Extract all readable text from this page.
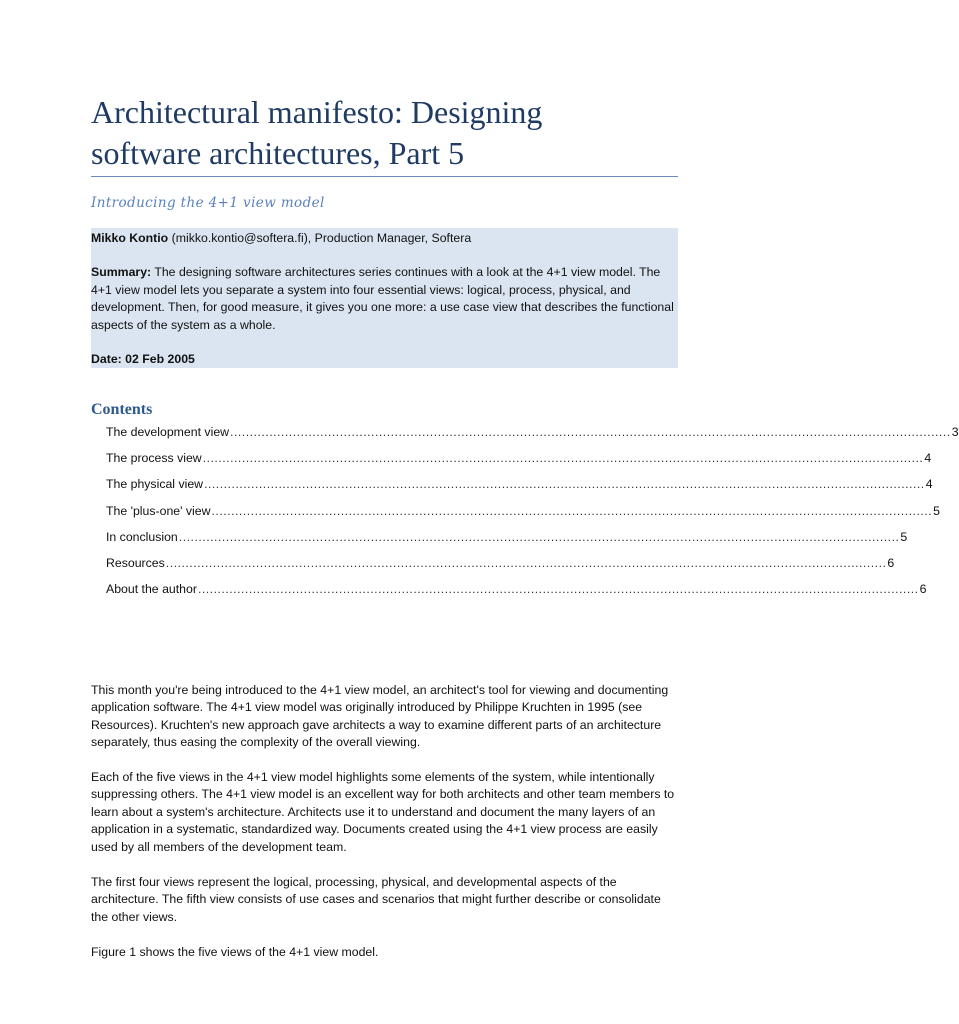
Architectural manifesto: Designing
software architectures, Part 5
Introducing the 4+1 view model
Mikko Kontio (mikko.kontio@softera.fi), Production Manager, Softera
Summary: The designing software architectures series continues with a look at the 4+1 view model. The 4+1 view model lets you separate a system into four essential views: logical, process, physical, and development. Then, for good measure, it gives you one more: a use case view that describes the functional aspects of the system as a whole.
Date: 02 Feb 2005
Contents
The development view ........................................................................................................................................................................................ 3
The process view ........................................................................................................................................................................................ 4
The physical view ........................................................................................................................................................................................ 4
The 'plus-one' view ........................................................................................................................................................................................ 5
In conclusion ........................................................................................................................................................................................ 5
Resources ........................................................................................................................................................................................ 6
About the author ........................................................................................................................................................................................ 6

This month you're being introduced to the 4+1 view model, an architect's tool for viewing and documenting application software. The 4+1 view model was originally introduced by Philippe Kruchten in 1995 (see Resources). Kruchten's new approach gave architects a way to examine different parts of an architecture separately, thus easing the complexity of the overall viewing.

Each of the five views in the 4+1 view model highlights some elements of the system, while intentionally suppressing others. The 4+1 view model is an excellent way for both architects and other team members to learn about a system's architecture. Architects use it to understand and document the many layers of an application in a systematic, standardized way. Documents created using the 4+1 view process are easily used by all members of the development team.

The first four views represent the logical, processing, physical, and developmental aspects of the architecture. The fifth view consists of use cases and scenarios that might further describe or consolidate the other views.

Figure 1 shows the five views of the 4+1 view model.
